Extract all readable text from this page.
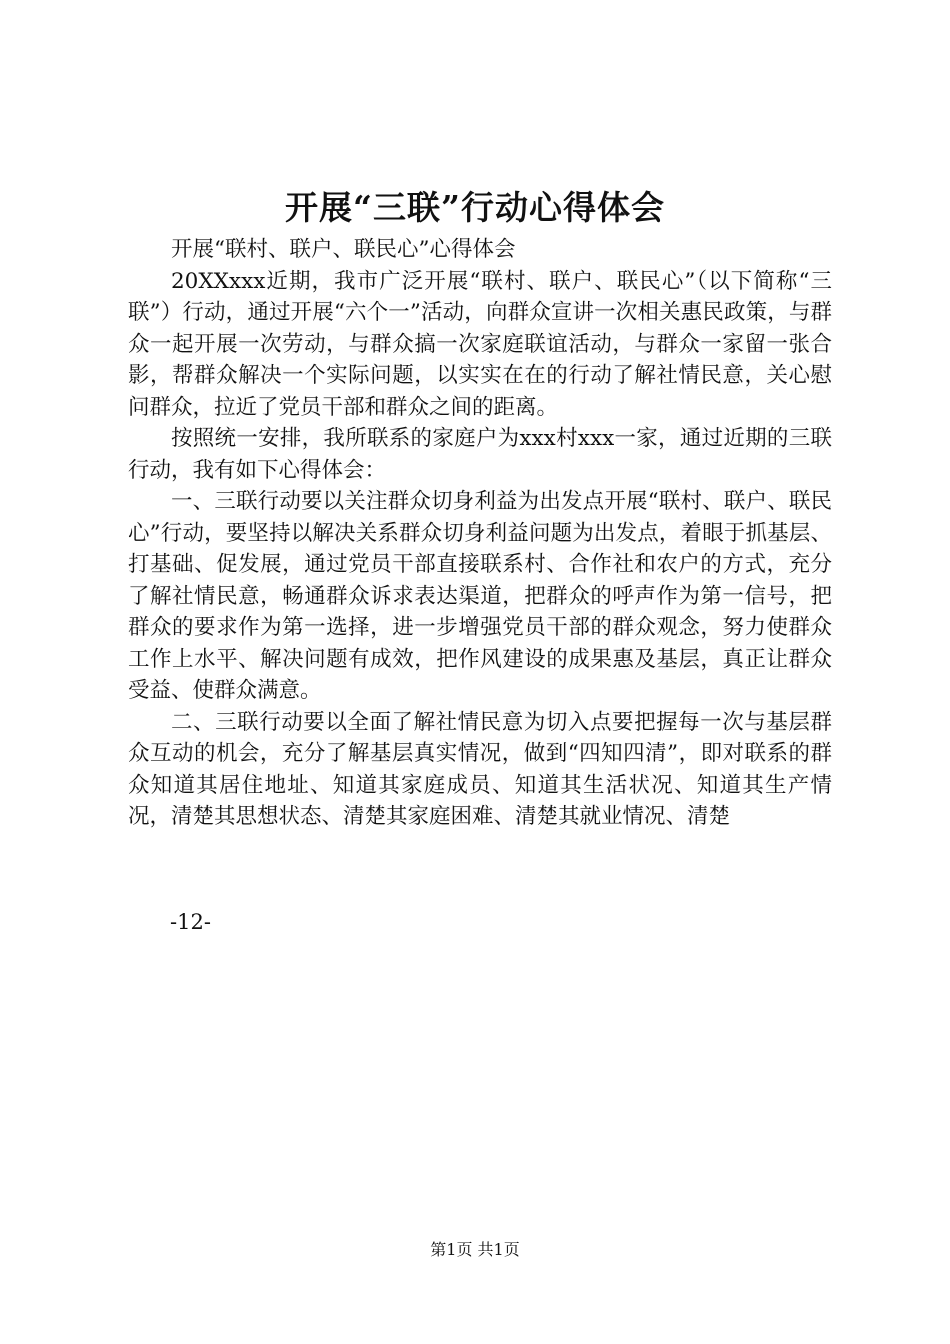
开展“三联”行动心得体会

开展“联村、联户、联民心”心得体会

20XXxxx近期，我市广泛开展“联村、联户、联民心”（以下简称“三联”）行动，通过开展“六个一”活动，向群众宣讲一次相关惠民政策，与群众一起开展一次劳动，与群众搞一次家庭联谊活动，与群众一家留一张合影，帮群众解决一个实际问题，以实实在在的行动了解社情民意，关心慰问群众，拉近了党员干部和群众之间的距离。

按照统一安排，我所联系的家庭户为xxx村xxx一家，通过近期的三联行动，我有如下心得体会：

一、三联行动要以关注群众切身利益为出发点开展“联村、联户、联民心”行动，要坚持以解决关系群众切身利益问题为出发点，着眼于抓基层、打基础、促发展，通过党员干部直接联系村、合作社和农户的方式，充分了解社情民意，畅通群众诉求表达渠道，把群众的呼声作为第一信号，把群众的要求作为第一选择，进一步增强党员干部的群众观念，努力使群众工作上水平、解决问题有成效，把作风建设的成果惠及基层，真正让群众受益、使群众满意。

二、三联行动要以全面了解社情民意为切入点要把握每一次与基层群众互动的机会，充分了解基层真实情况，做到“四知四清”，即对联系的群众知道其居住地址、知道其家庭成员、知道其生活状况、知道其生产情况，清楚其思想状态、清楚其家庭困难、清楚其就业情况、清楚

-12-
第1页 共1页
